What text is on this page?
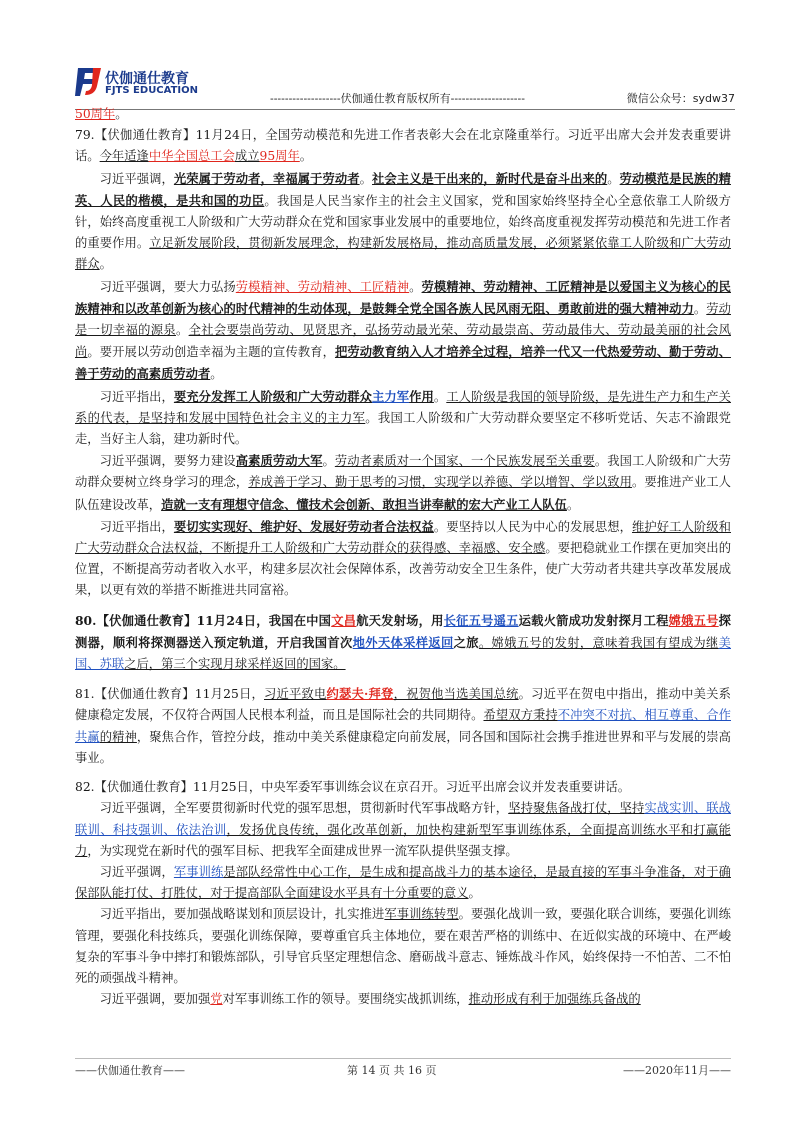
伏伽通仕教育
FJTS EDUCATION
-------------------伏伽通仕教育版权所有--------------------	微信公众号：sydw37

50周年。

79.【伏伽通仕教育】11月24日，全国劳动模范和先进工作者表彰大会在北京隆重举行。习近平出席大会并发表重要讲话。今年适逢中华全国总工会成立95周年。

习近平强调，光荣属于劳动者，幸福属于劳动者。社会主义是干出来的，新时代是奋斗出来的。劳动模范是民族的精英、人民的楷模，是共和国的功臣。我国是人民当家作主的社会主义国家，党和国家始终坚持全心全意依靠工人阶级方针，始终高度重视工人阶级和广大劳动群众在党和国家事业发展中的重要地位，始终高度重视发挥劳动模范和先进工作者的重要作用。立足新发展阶段，贯彻新发展理念，构建新发展格局，推动高质量发展，必须紧紧依靠工人阶级和广大劳动群众。

习近平强调，要大力弘扬劳模精神、劳动精神、工匠精神。劳模精神、劳动精神、工匠精神是以爱国主义为核心的民族精神和以改革创新为核心的时代精神的生动体现，是鼓舞全党全国各族人民风雨无阻、勇敢前进的强大精神动力。劳动是一切幸福的源泉。全社会要崇尚劳动、见贤思齐，弘扬劳动最光荣、劳动最崇高、劳动最伟大、劳动最美丽的社会风尚。要开展以劳动创造幸福为主题的宣传教育，把劳动教育纳入人才培养全过程，培养一代又一代热爱劳动、勤于劳动、善于劳动的高素质劳动者。

习近平指出，要充分发挥工人阶级和广大劳动群众主力军作用。工人阶级是我国的领导阶级，是先进生产力和生产关系的代表，是坚持和发展中国特色社会主义的主力军。我国工人阶级和广大劳动群众要坚定不移听党话、矢志不渝跟党走，当好主人翁，建功新时代。

习近平强调，要努力建设高素质劳动大军。劳动者素质对一个国家、一个民族发展至关重要。我国工人阶级和广大劳动群众要树立终身学习的理念，养成善于学习、勤于思考的习惯，实现学以养德、学以增智、学以致用。要推进产业工人队伍建设改革，造就一支有理想守信念、懂技术会创新、敢担当讲奉献的宏大产业工人队伍。

习近平指出，要切实实现好、维护好、发展好劳动者合法权益。要坚持以人民为中心的发展思想，维护好工人阶级和广大劳动群众合法权益，不断提升工人阶级和广大劳动群众的获得感、幸福感、安全感。要把稳就业工作摆在更加突出的位置，不断提高劳动者收入水平，构建多层次社会保障体系，改善劳动安全卫生条件，使广大劳动者共建共享改革发展成果，以更有效的举措不断推进共同富裕。

80.【伏伽通仕教育】11月24日，我国在中国文昌航天发射场，用长征五号遥五运载火箭成功发射探月工程嫦娥五号探测器，顺利将探测器送入预定轨道，开启我国首次地外天体采样返回之旅。嫦娥五号的发射，意味着我国有望成为继美国、苏联之后，第三个实现月球采样返回的国家。

81.【伏伽通仕教育】11月25日，习近平致电约瑟夫·拜登，祝贺他当选美国总统。习近平在贺电中指出，推动中美关系健康稳定发展，不仅符合两国人民根本利益，而且是国际社会的共同期待。希望双方秉持不冲突不对抗、相互尊重、合作共赢的精神，聚焦合作，管控分歧，推动中美关系健康稳定向前发展，同各国和国际社会携手推进世界和平与发展的崇高事业。

82.【伏伽通仕教育】11月25日，中央军委军事训练会议在京召开。习近平出席会议并发表重要讲话。

习近平强调，全军要贯彻新时代党的强军思想，贯彻新时代军事战略方针，坚持聚焦备战打仗，坚持实战实训、联战联训、科技强训、依法治训，发扬优良传统，强化改革创新，加快构建新型军事训练体系，全面提高训练水平和打赢能力，为实现党在新时代的强军目标、把我军全面建成世界一流军队提供坚强支撑。

习近平强调，军事训练是部队经常性中心工作，是生成和提高战斗力的基本途径，是最直接的军事斗争准备，对于确保部队能打仗、打胜仗，对于提高部队全面建设水平具有十分重要的意义。

习近平指出，要加强战略谋划和顶层设计，扎实推进军事训练转型。要强化战训一致，要强化联合训练，要强化训练管理，要强化科技练兵，要强化训练保障，要尊重官兵主体地位，要在艰苦严格的训练中、在近似实战的环境中、在严峻复杂的军事斗争中摔打和锻炼部队，引导官兵坚定理想信念、磨砺战斗意志、锤炼战斗作风，始终保持一不怕苦、二不怕死的顽强战斗精神。

习近平强调，要加强党对军事训练工作的领导。要围绕实战抓训练，推动形成有利于加强练兵备战的

——伏伽通仕教育——	第 14 页 共 16 页	——2020年11月——
